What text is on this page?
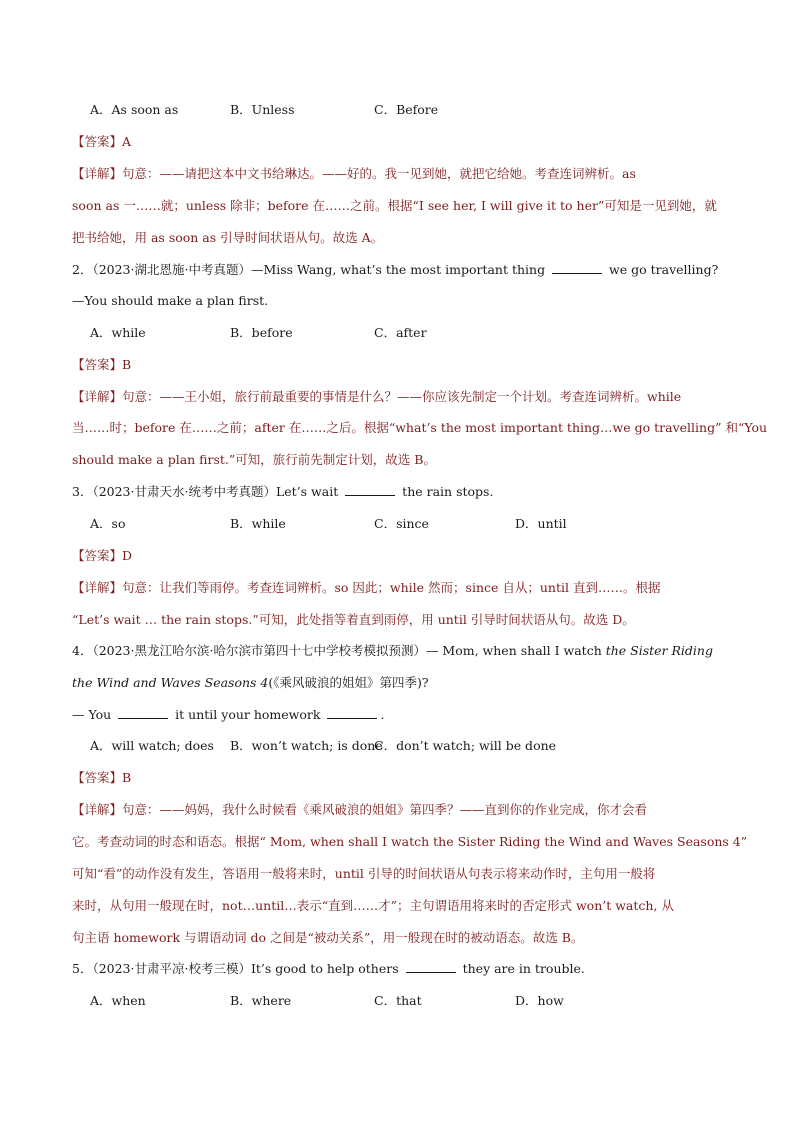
A．As soon as	B．Unless	C．Before
【答案】A
【详解】句意：——请把这本中文书给琳达。——好的。我一见到她，就把它给她。考查连词辨析。as
soon as 一……就；unless 除非；before 在……之前。根据“I see her, I will give it to her”可知是一见到她，就
把书给她，用 as soon as 引导时间状语从句。故选 A。
2．（2023·湖北恩施·中考真题）—Miss Wang, what’s the most important thing	we go travelling?
—You should make a plan first.
A．while	B．before	C．after
【答案】B
【详解】句意：——王小姐，旅行前最重要的事情是什么？——你应该先制定一个计划。考查连词辨析。while
当……时；before 在……之前；after 在……之后。根据“what’s the most important thing…we go travelling” 和“You
should make a plan first.”可知，旅行前先制定计划，故选 B。
3．（2023·甘肃天水·统考中考真题）Let’s wait	the rain stops.
A．so	B．while	C．since	D．until
【答案】D
【详解】句意：让我们等雨停。考查连词辨析。so 因此；while 然而；since 自从；until 直到……。根据
“Let’s wait … the rain stops.”可知，此处指等着直到雨停，用 until 引导时间状语从句。故选 D。
4．（2023·黑龙江哈尔滨·哈尔滨市第四十七中学校考模拟预测）— Mom, when shall I watch the Sister Riding
the Wind and Waves Seasons 4(《乘风破浪的姐姐》第四季)?
— You	it until your homework	.
A．will watch; does B．won’t watch; is done
C．don’t watch; will be done
【答案】B
【详解】句意：——妈妈，我什么时候看《乘风破浪的姐姐》第四季？——直到你的作业完成，你才会看
它。考查动词的时态和语态。根据“ Mom, when shall I watch the Sister Riding the Wind and Waves Seasons 4”
可知“看”的动作没有发生，答语用一般将来时，until 引导的时间状语从句表示将来动作时，主句用一般将
来时，从句用一般现在时，not…until…表示“直到……才”；主句谓语用将来时的否定形式 won’t watch, 从
句主语 homework 与谓语动词 do 之间是“被动关系”，用一般现在时的被动语态。故选 B。
5．（2023·甘肃平凉·校考三模）It’s good to help others	they are in trouble.
A．when	B．where	C．that	D．how
